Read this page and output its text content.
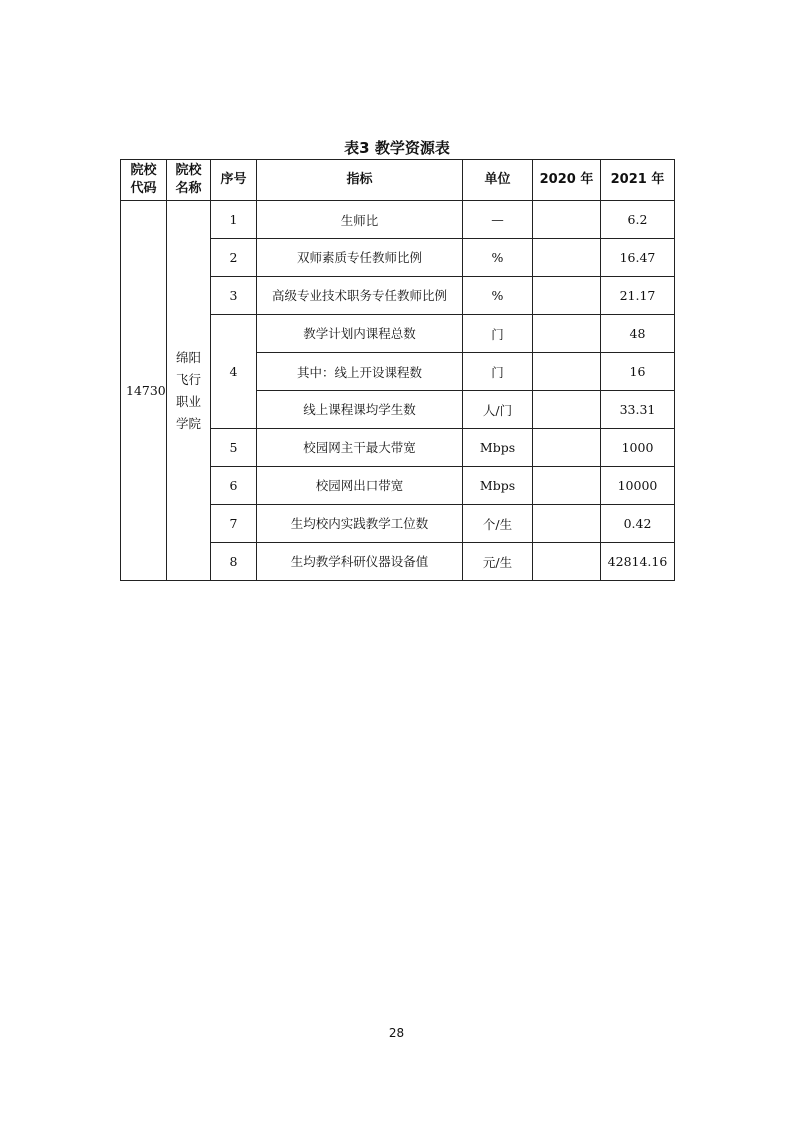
表3 教学资源表
院校代码	院校名称	序号	指标	单位	2020 年	2021 年
14730	绵阳飞行职业学院	1	生师比	—		6.2
		2	双师素质专任教师比例	%		16.47
		3	高级专业技术职务专任教师比例	%		21.17
		4	教学计划内课程总数	门		48
			其中：线上开设课程数	门		16
			线上课程课均学生数	人/门		33.31
		5	校园网主干最大带宽	Mbps		1000
		6	校园网出口带宽	Mbps		10000
		7	生均校内实践教学工位数	个/生		0.42
		8	生均教学科研仪器设备值	元/生		42814.16
28
